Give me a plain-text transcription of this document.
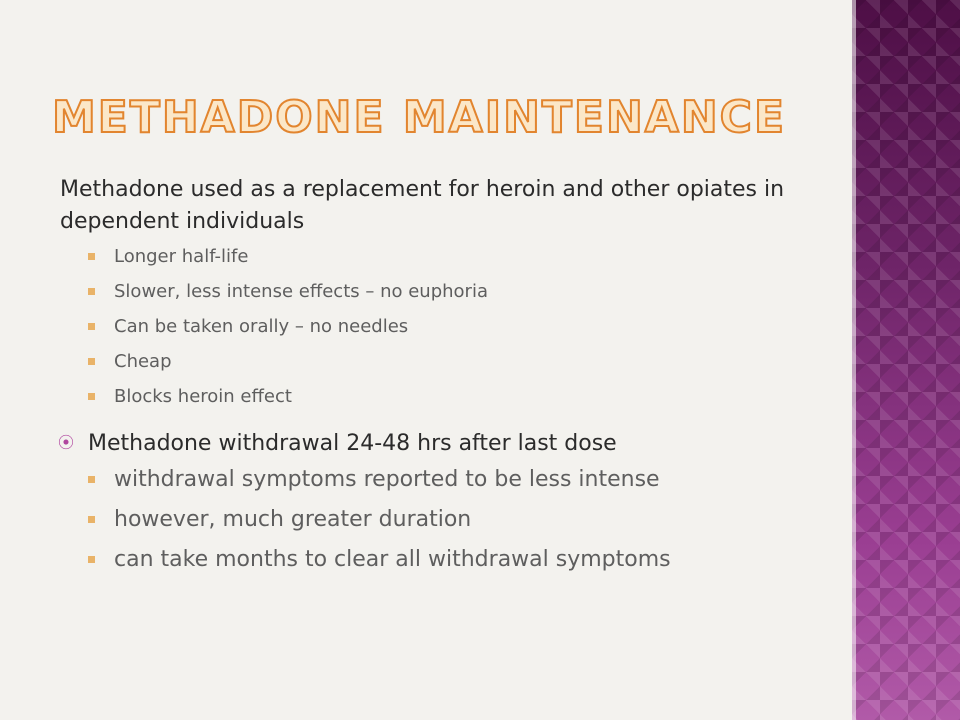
METHADONE MAINTENANCE

Methadone used as a replacement for heroin and other opiates in dependent individuals

Longer half-life
Slower, less intense effects – no euphoria
Can be taken orally – no needles
Cheap
Blocks heroin effect
⦿ Methadone withdrawal 24-48 hrs after last dose
withdrawal symptoms reported to be less intense
however, much greater duration
can take months to clear all withdrawal symptoms
